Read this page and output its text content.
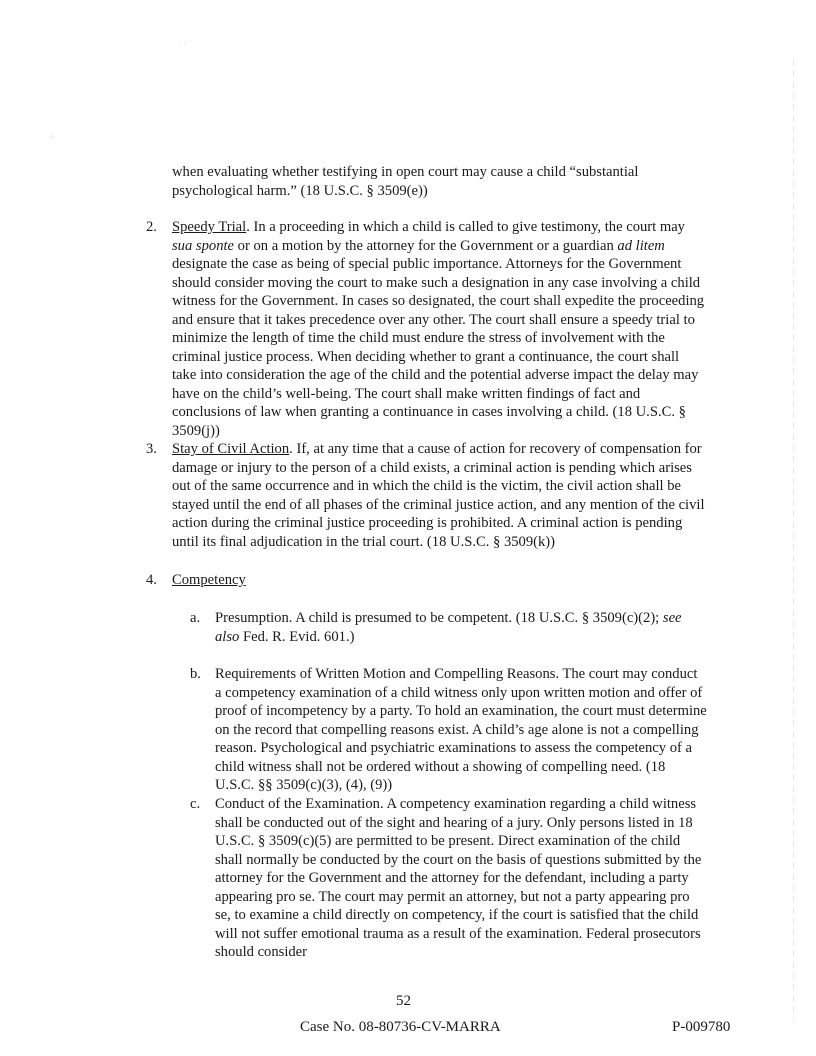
· ·
⁘
when evaluating whether testifying in open court may cause a child “substantial psychological harm.” (18 U.S.C. § 3509(e))
2.	Speedy Trial. In a proceeding in which a child is called to give testimony, the court may sua sponte or on a motion by the attorney for the Government or a guardian ad litem designate the case as being of special public importance. Attorneys for the Government should consider moving the court to make such a designation in any case involving a child witness for the Government. In cases so designated, the court shall expedite the proceeding and ensure that it takes precedence over any other. The court shall ensure a speedy trial to minimize the length of time the child must endure the stress of involvement with the criminal justice process. When deciding whether to grant a continuance, the court shall take into consideration the age of the child and the potential adverse impact the delay may have on the child’s well-being. The court shall make written findings of fact and conclusions of law when granting a continuance in cases involving a child. (18 U.S.C. § 3509(j))
3.	Stay of Civil Action. If, at any time that a cause of action for recovery of compensation for damage or injury to the person of a child exists, a criminal action is pending which arises out of the same occurrence and in which the child is the victim, the civil action shall be stayed until the end of all phases of the criminal justice action, and any mention of the civil action during the criminal justice proceeding is prohibited. A criminal action is pending until its final adjudication in the trial court. (18 U.S.C. § 3509(k))
4.	Competency
a.	Presumption. A child is presumed to be competent. (18 U.S.C. § 3509(c)(2); see also Fed. R. Evid. 601.)
b. Requirements of Written Motion and Compelling Reasons. The court may conduct a competency examination of a child witness only upon written motion and offer of proof of incompetency by a party. To hold an examination, the court must determine on the record that compelling reasons exist. A child’s age alone is not a compelling reason. Psychological and psychiatric examinations to assess the competency of a child witness shall not be ordered without a showing of compelling need. (18 U.S.C. §§ 3509(c)(3), (4), (9))
c.	Conduct of the Examination. A competency examination regarding a child witness shall be conducted out of the sight and hearing of a jury. Only persons listed in 18 U.S.C. § 3509(c)(5) are permitted to be present. Direct examination of the child shall normally be conducted by the court on the basis of questions submitted by the attorney for the Government and the attorney for the defendant, including a party appearing pro se. The court may permit an attorney, but not a party appearing pro se, to examine a child directly on competency, if the court is satisfied that the child will not suffer emotional trauma as a result of the examination. Federal prosecutors should consider
52
Case No. 08-80736-CV-MARRA	P-009780
